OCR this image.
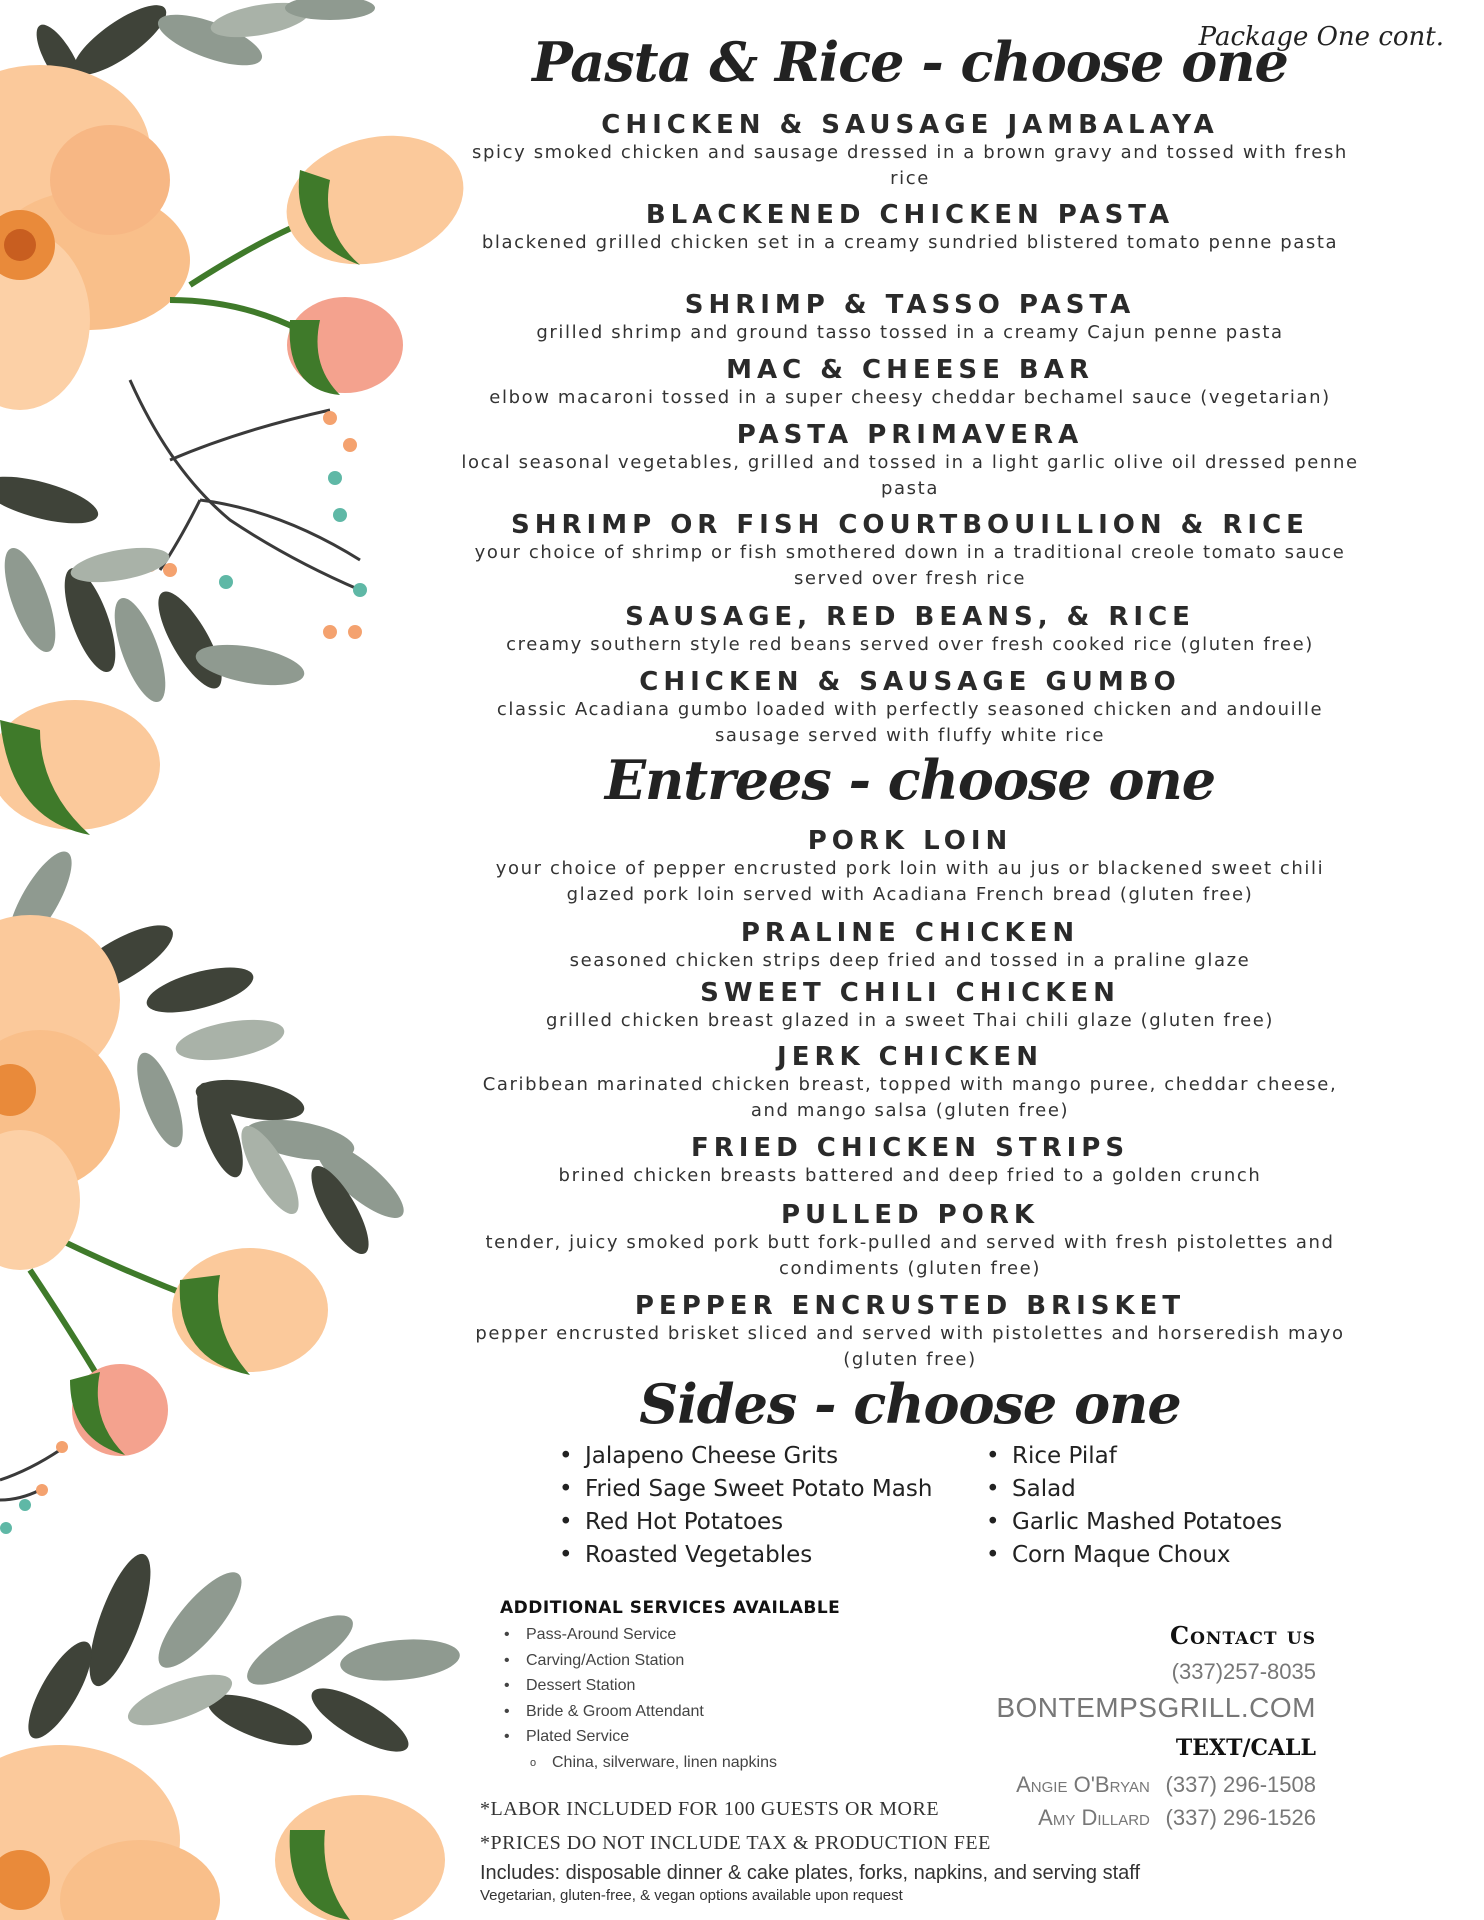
Package One cont.
Pasta & Rice - choose one
CHICKEN & SAUSAGE JAMBALAYA
spicy smoked chicken and sausage dressed in a brown gravy and tossed with fresh rice
BLACKENED CHICKEN PASTA
blackened grilled chicken set in a creamy sundried blistered tomato penne pasta
SHRIMP & TASSO PASTA
grilled shrimp and ground tasso tossed in a creamy Cajun penne pasta
MAC & CHEESE BAR
elbow macaroni tossed in a super cheesy cheddar bechamel sauce (vegetarian)
PASTA PRIMAVERA
local seasonal vegetables, grilled and tossed in a light garlic olive oil dressed penne pasta
SHRIMP OR FISH COURTBOUILLION & RICE
your choice of shrimp or fish smothered down in a traditional creole tomato sauce served over fresh rice
SAUSAGE, RED BEANS, & RICE
creamy southern style red beans served over fresh cooked rice (gluten free)
CHICKEN & SAUSAGE GUMBO
classic Acadiana gumbo loaded with perfectly seasoned chicken and andouille sausage served with fluffy white rice
Entrees - choose one
PORK LOIN
your choice of pepper encrusted pork loin with au jus or blackened sweet chili glazed pork loin served with Acadiana French bread (gluten free)
PRALINE CHICKEN
seasoned chicken strips deep fried and tossed in a praline glaze
SWEET CHILI CHICKEN
grilled chicken breast glazed in a sweet Thai chili glaze (gluten free)
JERK CHICKEN
Caribbean marinated chicken breast, topped with mango puree, cheddar cheese, and mango salsa (gluten free)
FRIED CHICKEN STRIPS
brined chicken breasts battered and deep fried to a golden crunch
PULLED PORK
tender, juicy smoked pork butt fork-pulled and served with fresh pistolettes and condiments (gluten free)
PEPPER ENCRUSTED BRISKET
pepper encrusted brisket sliced and served with pistolettes and horseredish mayo (gluten free)
Sides - choose one
• Jalapeno Cheese Grits
• Fried Sage Sweet Potato Mash
• Red Hot Potatoes
• Roasted Vegetables
• Rice Pilaf
• Salad
• Garlic Mashed Potatoes
• Corn Maque Choux
ADDITIONAL SERVICES AVAILABLE
• Pass-Around Service
• Carving/Action Station
• Dessert Station
• Bride & Groom Attendant
• Plated Service
o China, silverware, linen napkins
*LABOR INCLUDED FOR 100 GUESTS OR MORE
*PRICES DO NOT INCLUDE TAX & PRODUCTION FEE
Includes: disposable dinner & cake plates, forks, napkins, and serving staff
Vegetarian, gluten-free, & vegan options available upon request
Contact us
(337)257-8035
BONTEMPSGRILL.COM
TEXT/CALL
Angie O'Bryan (337) 296-1508
Amy Dillard (337) 296-1526
